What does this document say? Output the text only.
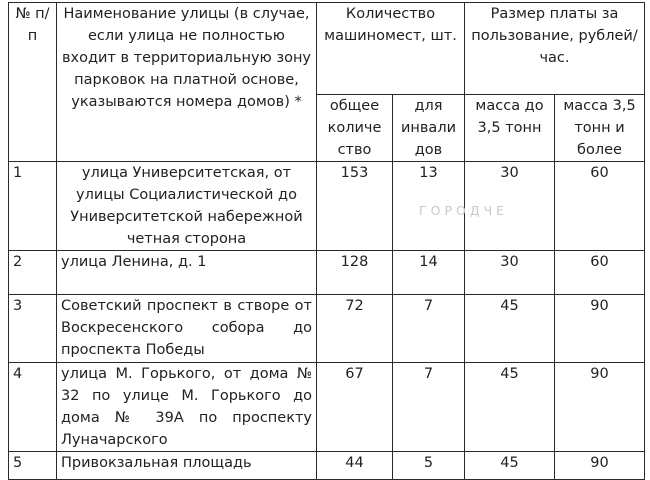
№ п/п	Наименование улицы (в случае, если улица не полностью входит в территориальную зону парковок на платной основе, указываются номера домов) *	Количество машиномест, шт.		Размер платы за пользование, рублей/час.	
		общее количе ство	для инвали дов	масса до 3,5 тонн	масса 3,5 тонн и более
1	улица Университетская, от улицы Социалистической до Университетской набережной четная сторона	153	13	30	60
2	улица Ленина, д. 1	128	14	30	60
3	Советский проспект в створе от Воскресенского собора до проспекта Победы	72	7	45	90
4	улица М. Горького, от дома № 32 по улице М. Горького до дома № 39А по проспекту Луначарского	67	7	45	90
5	Привокзальная площадь	44	5	45	90
ГОРОДЧЕ
